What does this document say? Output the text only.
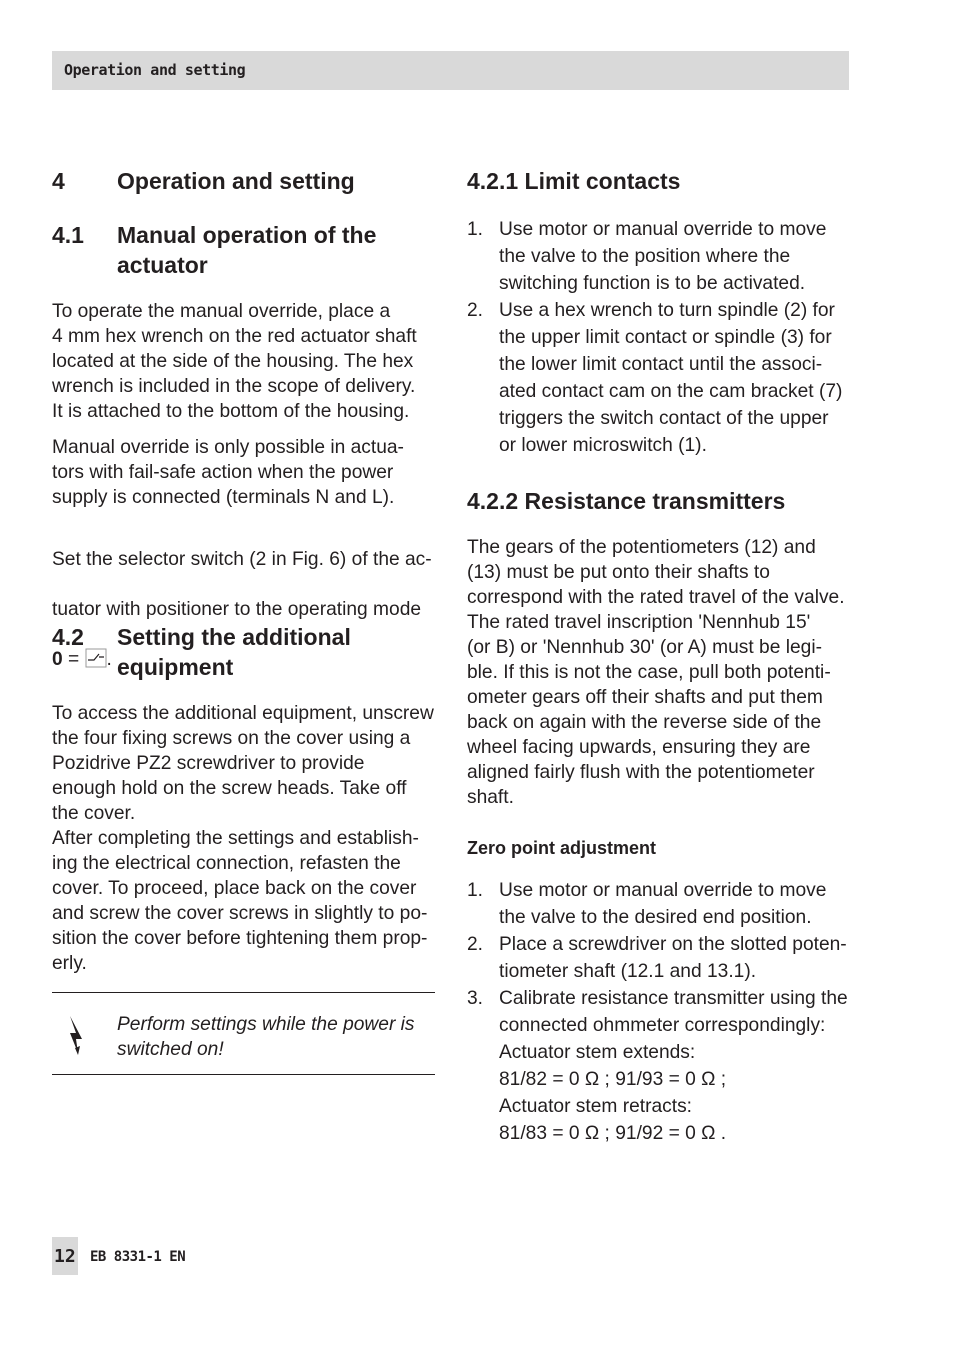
Operation and setting
4 Operation and setting
4.1 Manual operation of the actuator
To operate the manual override, place a
4 mm hex wrench on the red actuator shaft
located at the side of the housing. The hex
wrench is included in the scope of delivery.
It is attached to the bottom of the housing.
Manual override is only possible in actua-
tors with fail-safe action when the power
supply is connected (terminals N and L).

Set the selector switch (2 in Fig. 6) of the ac-

tuator with positioner to the operating mode

0 = .

4.2 Setting the additional equipment
To access the additional equipment, unscrew
the four fixing screws on the cover using a
Pozidrive PZ2 screwdriver to provide
enough hold on the screw heads. Take off
the cover.
After completing the settings and establish-
ing the electrical connection, refasten the
cover. To proceed, place back on the cover
and screw the cover screws in slightly to po-
sition the cover before tightening them prop-
erly.
Perform settings while the power is
switched on!
4.2.1 Limit contacts
1. Use motor or manual override to move
the valve to the position where the
switching function is to be activated.
2. Use a hex wrench to turn spindle (2) for
the upper limit contact or spindle (3) for
the lower limit contact until the associ-
ated contact cam on the cam bracket (7)
triggers the switch contact of the upper
or lower microswitch (1).
4.2.2 Resistance transmitters
The gears of the potentiometers (12) and
(13) must be put onto their shafts to
correspond with the rated travel of the valve.
The rated travel inscription 'Nennhub 15'
(or B) or 'Nennhub 30' (or A) must be legi-
ble. If this is not the case, pull both potenti-
ometer gears off their shafts and put them
back on again with the reverse side of the
wheel facing upwards, ensuring they are
aligned fairly flush with the potentiometer
shaft.
Zero point adjustment
1. Use motor or manual override to move
the valve to the desired end position.
2. Place a screwdriver on the slotted poten-
tiometer shaft (12.1 and 13.1).
3. Calibrate resistance transmitter using the
connected ohmmeter correspondingly:
Actuator stem extends:
81/82 = 0 Ω ; 91/93 = 0 Ω ;
Actuator stem retracts:
81/83 = 0 Ω ; 91/92 = 0 Ω .
12 EB 8331-1 EN
